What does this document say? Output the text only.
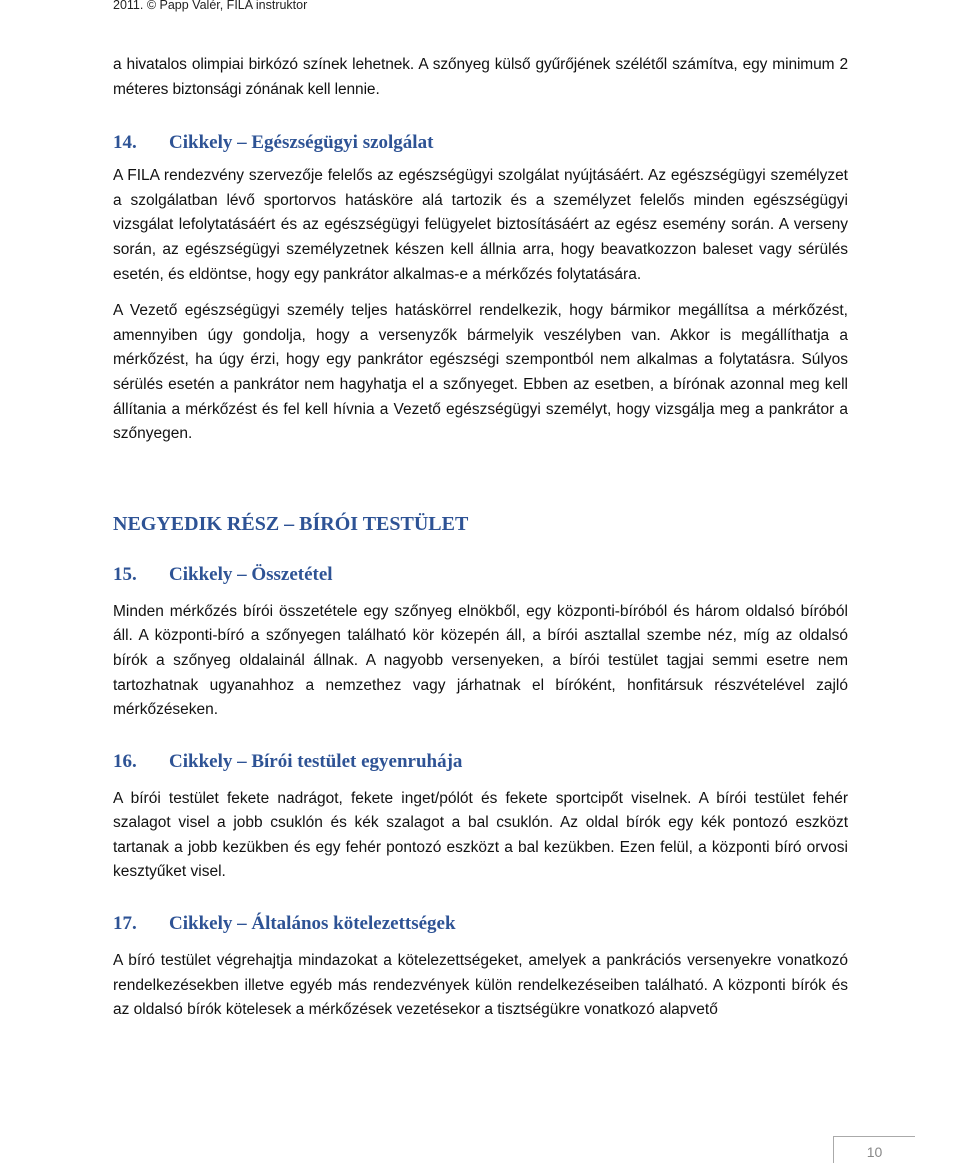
2011. © Papp Valér, FILA instruktor

a hivatalos olimpiai birkózó színek lehetnek. A szőnyeg külső gyűrőjének szélétől számítva, egy minimum 2 méteres biztonsági zónának kell lennie.

14. Cikkely – Egészségügyi szolgálat

A FILA rendezvény szervezője felelős az egészségügyi szolgálat nyújtásáért. Az egészségügyi személyzet a szolgálatban lévő sportorvos hatásköre alá tartozik és a személyzet felelős minden egészségügyi vizsgálat lefolytatásáért és az egészségügyi felügyelet biztosításáért az egész esemény során. A verseny során, az egészségügyi személyzetnek készen kell állnia arra, hogy beavatkozzon baleset vagy sérülés esetén, és eldöntse, hogy egy pankrátor alkalmas-e a mérkőzés folytatására.

A Vezető egészségügyi személy teljes hatáskörrel rendelkezik, hogy bármikor megállítsa a mérkőzést, amennyiben úgy gondolja, hogy a versenyzők bármelyik veszélyben van. Akkor is megállíthatja a mérkőzést, ha úgy érzi, hogy egy pankrátor egészségi szempontból nem alkalmas a folytatásra. Súlyos sérülés esetén a pankrátor nem hagyhatja el a szőnyeget. Ebben az esetben, a bírónak azonnal meg kell állítania a mérkőzést és fel kell hívnia a Vezető egészségügyi személyt, hogy vizsgálja meg a pankrátor a szőnyegen.

NEGYEDIK RÉSZ – BÍRÓI TESTÜLET
15. Cikkely – Összetétel

Minden mérkőzés bírói összetétele egy szőnyeg elnökből, egy központi-bíróból és három oldalsó bíróból áll. A központi-bíró a szőnyegen található kör közepén áll, a bírói asztallal szembe néz, míg az oldalsó bírók a szőnyeg oldalainál állnak. A nagyobb versenyeken, a bírói testület tagjai semmi esetre nem tartozhatnak ugyanahhoz a nemzethez vagy járhatnak el bíróként, honfitársuk részvételével zajló mérkőzéseken.

16. Cikkely – Bírói testület egyenruhája

A bírói testület fekete nadrágot, fekete inget/pólót és fekete sportcipőt viselnek. A bírói testület fehér szalagot visel a jobb csuklón és kék szalagot a bal csuklón. Az oldal bírók egy kék pontozó eszközt tartanak a jobb kezükben és egy fehér pontozó eszközt a bal kezükben. Ezen felül, a központi bíró orvosi kesztyűket visel.

17. Cikkely – Általános kötelezettségek

A bíró testület végrehajtja mindazokat a kötelezettségeket, amelyek a pankrációs versenyekre vonatkozó rendelkezésekben illetve egyéb más rendezvények külön rendelkezéseiben található. A központi bírók és az oldalsó bírók kötelesek a mérkőzések vezetésekor a tisztségükre vonatkozó alapvető

10
